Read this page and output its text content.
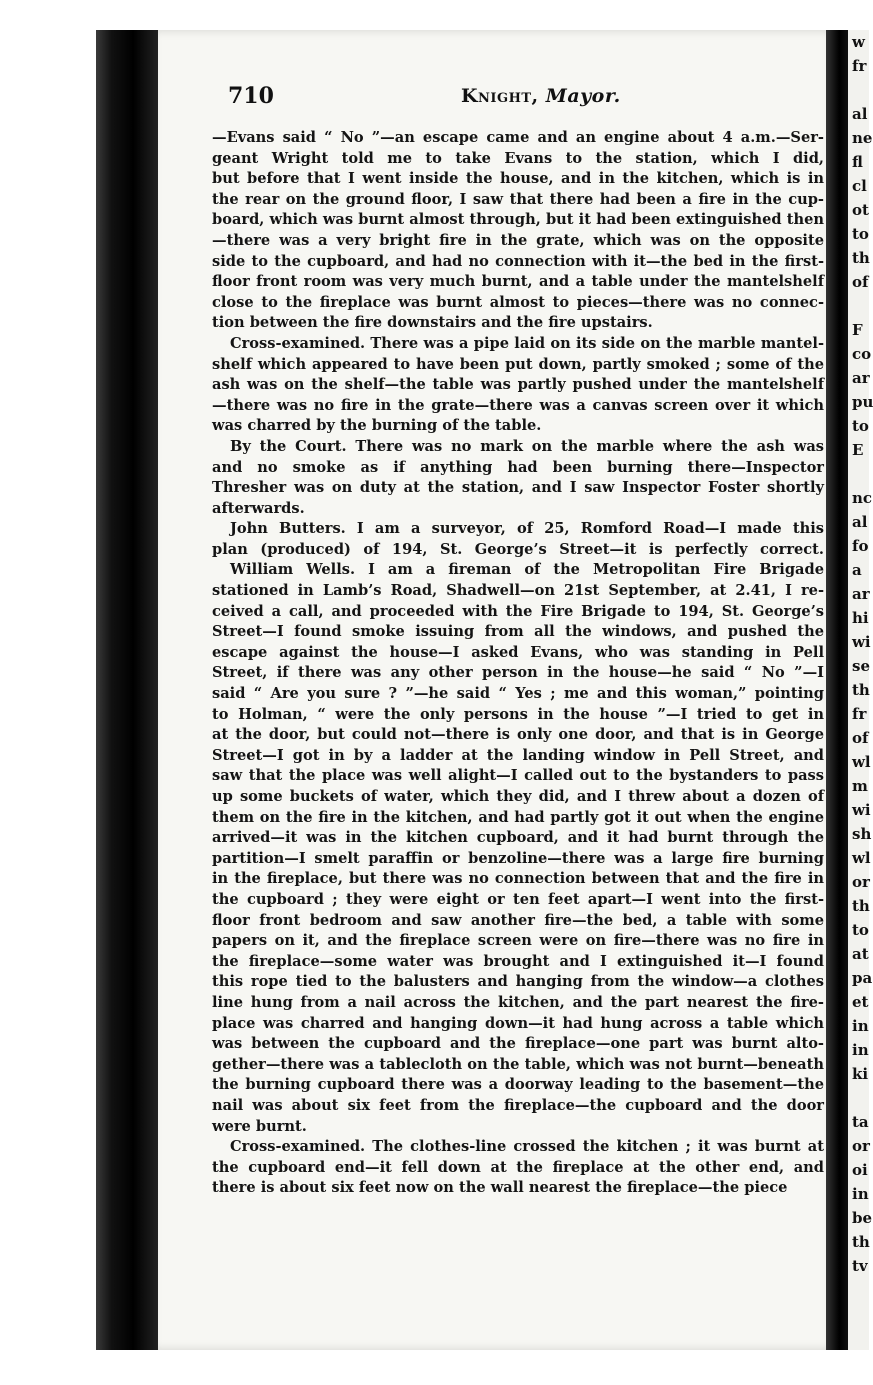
w
fr

al
ne
fl
cl
ot
to
th
of

F
co
ar
pu
to
E

nc
al
fo
a
ar
hi
wi
se
th
fr
of
wl
m
wi
sh
wl
or
th
to
at
pa
et
in
in
ki

ta
or
oi
in
be
th
tv
710	Knight, Mayor.
—Evans said “ No ”—an escape came and an engine about 4 a.m.—Ser-
geant Wright told me to take Evans to the station, which I did,
but before that I went inside the house, and in the kitchen, which is in
the rear on the ground floor, I saw that there had been a fire in the cup-
board, which was burnt almost through, but it had been extinguished then
—there was a very bright fire in the grate, which was on the opposite
side to the cupboard, and had no connection with it—the bed in the first-
floor front room was very much burnt, and a table under the mantelshelf
close to the fireplace was burnt almost to pieces—there was no connec-
tion between the fire downstairs and the fire upstairs.
Cross-examined. There was a pipe laid on its side on the marble mantel-
shelf which appeared to have been put down, partly smoked ; some of the
ash was on the shelf—the table was partly pushed under the mantelshelf
—there was no fire in the grate—there was a canvas screen over it which
was charred by the burning of the table.
By the Court. There was no mark on the marble where the ash was
and no smoke as if anything had been burning there—Inspector
Thresher was on duty at the station, and I saw Inspector Foster shortly
afterwards.
John Butters. I am a surveyor, of 25, Romford Road—I made this
plan (produced) of 194, St. George’s Street—it is perfectly correct.
William Wells. I am a fireman of the Metropolitan Fire Brigade
stationed in Lamb’s Road, Shadwell—on 21st September, at 2.41, I re-
ceived a call, and proceeded with the Fire Brigade to 194, St. George’s
Street—I found smoke issuing from all the windows, and pushed the
escape against the house—I asked Evans, who was standing in Pell
Street, if there was any other person in the house—he said “ No ”—I
said “ Are you sure ? ”—he said “ Yes ; me and this woman,” pointing
to Holman, “ were the only persons in the house ”—I tried to get in
at the door, but could not—there is only one door, and that is in George
Street—I got in by a ladder at the landing window in Pell Street, and
saw that the place was well alight—I called out to the bystanders to pass
up some buckets of water, which they did, and I threw about a dozen of
them on the fire in the kitchen, and had partly got it out when the engine
arrived—it was in the kitchen cupboard, and it had burnt through the
partition—I smelt paraffin or benzoline—there was a large fire burning
in the fireplace, but there was no connection between that and the fire in
the cupboard ; they were eight or ten feet apart—I went into the first-
floor front bedroom and saw another fire—the bed, a table with some
papers on it, and the fireplace screen were on fire—there was no fire in
the fireplace—some water was brought and I extinguished it—I found
this rope tied to the balusters and hanging from the window—a clothes
line hung from a nail across the kitchen, and the part nearest the fire-
place was charred and hanging down—it had hung across a table which
was between the cupboard and the fireplace—one part was burnt alto-
gether—there was a tablecloth on the table, which was not burnt—beneath
the burning cupboard there was a doorway leading to the basement—the
nail was about six feet from the fireplace—the cupboard and the door
were burnt.
Cross-examined. The clothes-line crossed the kitchen ; it was burnt at
the cupboard end—it fell down at the fireplace at the other end, and
there is about six feet now on the wall nearest the fireplace—the piece
